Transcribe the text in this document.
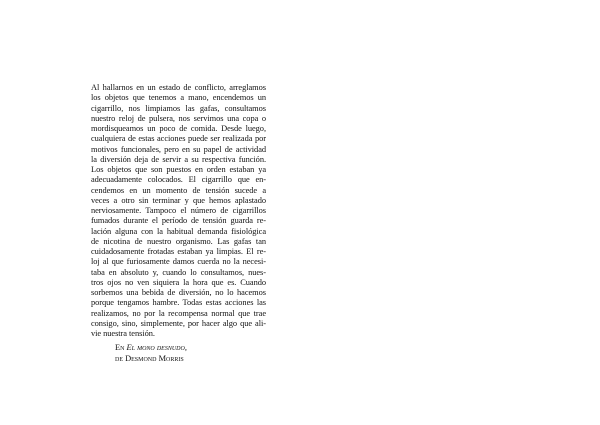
Al hallarnos en un estado de conflicto, arreglamos
los objetos que tenemos a mano, encendemos un
cigarrillo, nos limpiamos las gafas, consultamos
nuestro reloj de pulsera, nos servimos una copa o
mordisqueamos un poco de comida. Desde luego,
cualquiera de estas acciones puede ser realizada por
motivos funcionales, pero en su papel de actividad
la diversión deja de servir a su respectiva función.
Los objetos que son puestos en orden estaban ya
adecuadamente colocados. El cigarrillo que en-
cendemos en un momento de tensión sucede a
veces a otro sin terminar y que hemos aplastado
nerviosamente. Tampoco el número de cigarrillos
fumados durante el período de tensión guarda re-
lación alguna con la habitual demanda fisiológica
de nicotina de nuestro organismo. Las gafas tan
cuidadosamente frotadas estaban ya limpias. El re-
loj al que furiosamente damos cuerda no la necesi-
taba en absoluto y, cuando lo consultamos, nues-
tros ojos no ven siquiera la hora que es. Cuando
sorbemos una bebida de diversión, no lo hacemos
porque tengamos hambre. Todas estas acciones las
realizamos, no por la recompensa normal que trae
consigo, sino, simplemente, por hacer algo que ali-
vie nuestra tensión.
En El mono desnudo,
de Desmond Morris
